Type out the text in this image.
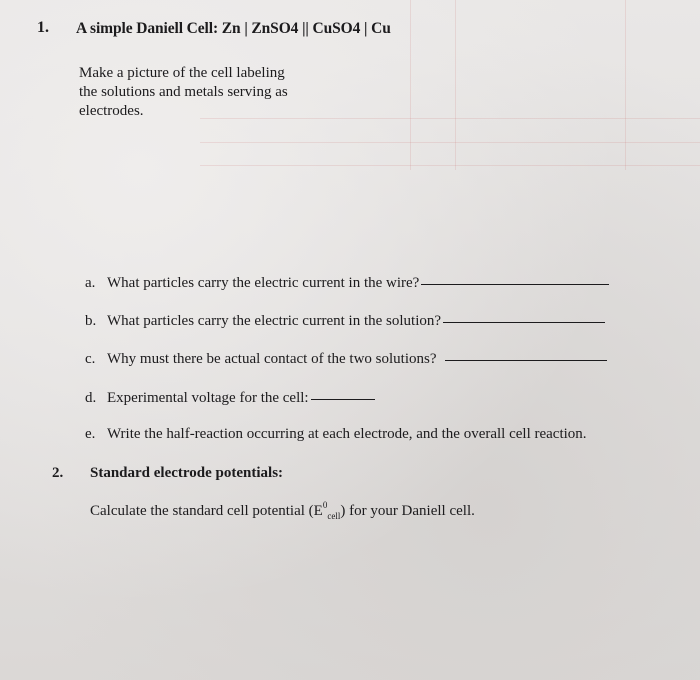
1. A simple Daniell Cell: Zn | ZnSO4 || CuSO4 | Cu
Make a picture of the cell labeling the solutions and metals serving as electrodes.
a. What particles carry the electric current in the wire?
b. What particles carry the electric current in the solution?
c. Why must there be actual contact of the two solutions?
d. Experimental voltage for the cell:
e. Write the half-reaction occurring at each electrode, and the overall cell reaction.
2. Standard electrode potentials:
Calculate the standard cell potential $(E^0_{cell})$ for your Daniell cell.
